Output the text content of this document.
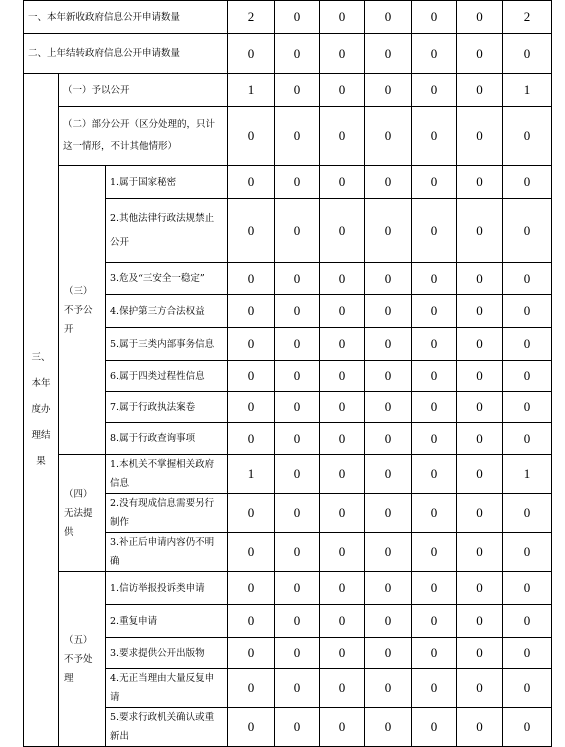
一、本年新收政府信息公开申请数量			2	0	0	0	0	0	2
二、上年结转政府信息公开申请数量			0	0	0	0	0	0	0

三、本年度办理结果	（一）予以公开		1	0	0	0	0	0	1
	（二）部分公开（区分处理的，只计这一情形，不计其他情形）		0	0	0	0	0	0	0
	（三）不予公开	1.属于国家秘密	0	0	0	0	0	0	0
		2.其他法律行政法规禁止公开	0	0	0	0	0	0	0
		3.危及“三安全一稳定”	0	0	0	0	0	0	0
		4.保护第三方合法权益	0	0	0	0	0	0	0
		5.属于三类内部事务信息	0	0	0	0	0	0	0
		6.属于四类过程性信息	0	0	0	0	0	0	0
		7.属于行政执法案卷	0	0	0	0	0	0	0
		8.属于行政查询事项	0	0	0	0	0	0	0
	（四）无法提供	1.本机关不掌握相关政府信息	1	0	0	0	0	0	1
		2.没有现成信息需要另行制作	0	0	0	0	0	0	0
		3.补正后申请内容仍不明确	0	0	0	0	0	0	0
	（五）不予处理	1.信访举报投诉类申请	0	0	0	0	0	0	0
		2.重复申请	0	0	0	0	0	0	0
		3.要求提供公开出版物	0	0	0	0	0	0	0
		4.无正当理由大量反复申请	0	0	0	0	0	0	0
		5.要求行政机关确认或重新出	0	0	0	0	0	0	0
